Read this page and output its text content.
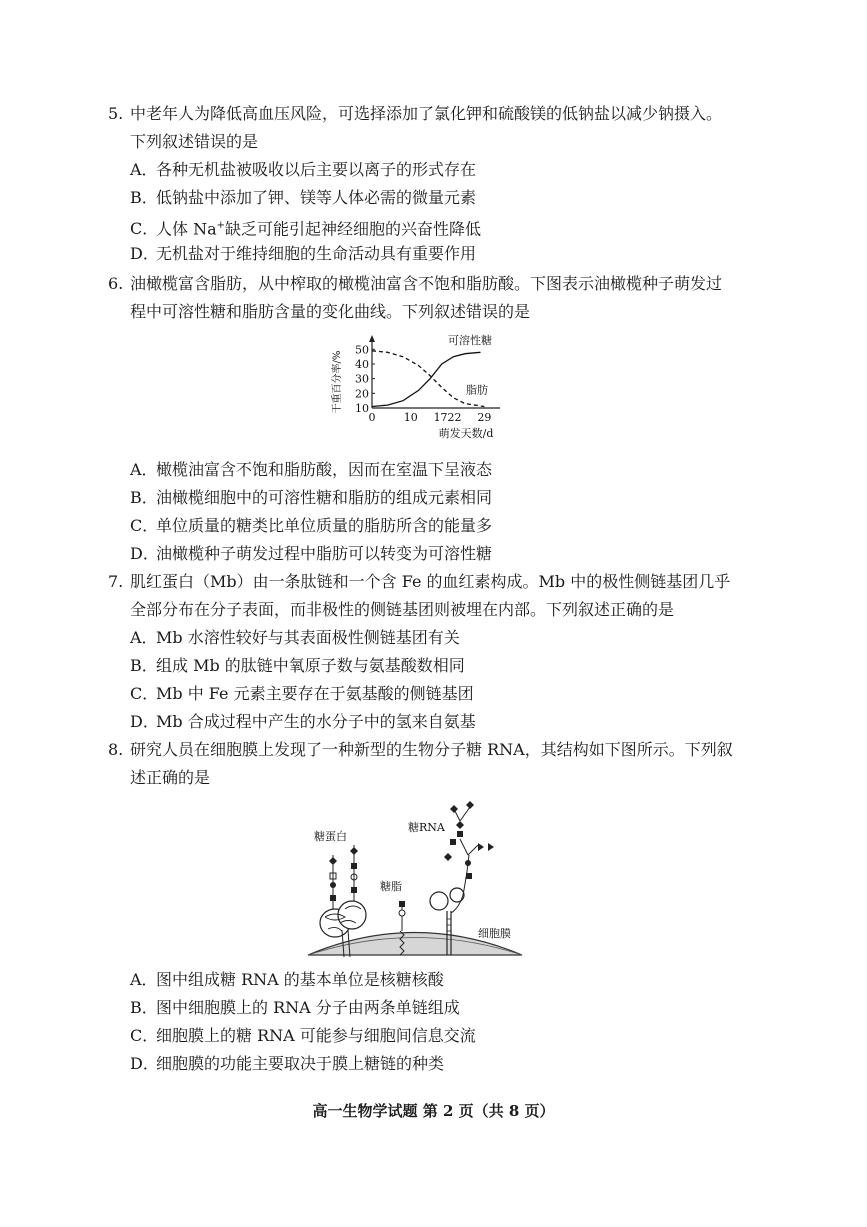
5. 中老年人为降低高血压风险，可选择添加了氯化钾和硫酸镁的低钠盐以减少钠摄入。
下列叙述错误的是
A．各种无机盐被吸收以后主要以离子的形式存在
B．低钠盐中添加了钾、镁等人体必需的微量元素
C．人体 Na+缺乏可能引起神经细胞的兴奋性降低
D．无机盐对于维持细胞的生命活动具有重要作用
6. 油橄榄富含脂肪，从中榨取的橄榄油富含不饱和脂肪酸。下图表示油橄榄种子萌发过
程中可溶性糖和脂肪含量的变化曲线。下列叙述错误的是
10
20
30
40
50
0	10 1722 29
干重百分率/%
萌发天数/d
可溶性糖
脂肪
A．橄榄油富含不饱和脂肪酸，因而在室温下呈液态
B．油橄榄细胞中的可溶性糖和脂肪的组成元素相同
C．单位质量的糖类比单位质量的脂肪所含的能量多
D．油橄榄种子萌发过程中脂肪可以转变为可溶性糖
7. 肌红蛋白（Mb）由一条肽链和一个含 Fe 的血红素构成。Mb 中的极性侧链基团几乎
全部分布在分子表面，而非极性的侧链基团则被埋在内部。下列叙述正确的是
A．Mb 水溶性较好与其表面极性侧链基团有关
B．组成 Mb 的肽链中氧原子数与氨基酸数相同
C．Mb 中 Fe 元素主要存在于氨基酸的侧链基团
D．Mb 合成过程中产生的水分子中的氢来自氨基
8. 研究人员在细胞膜上发现了一种新型的生物分子糖 RNA，其结构如下图所示。下列叙
述正确的是
糖蛋白
糖脂
糖RNA
细胞膜
A．图中组成糖 RNA 的基本单位是核糖核酸
B．图中细胞膜上的 RNA 分子由两条单链组成
C．细胞膜上的糖 RNA 可能参与细胞间信息交流
D．细胞膜的功能主要取决于膜上糖链的种类
高一生物学试题 第 2 页（共 8 页）
